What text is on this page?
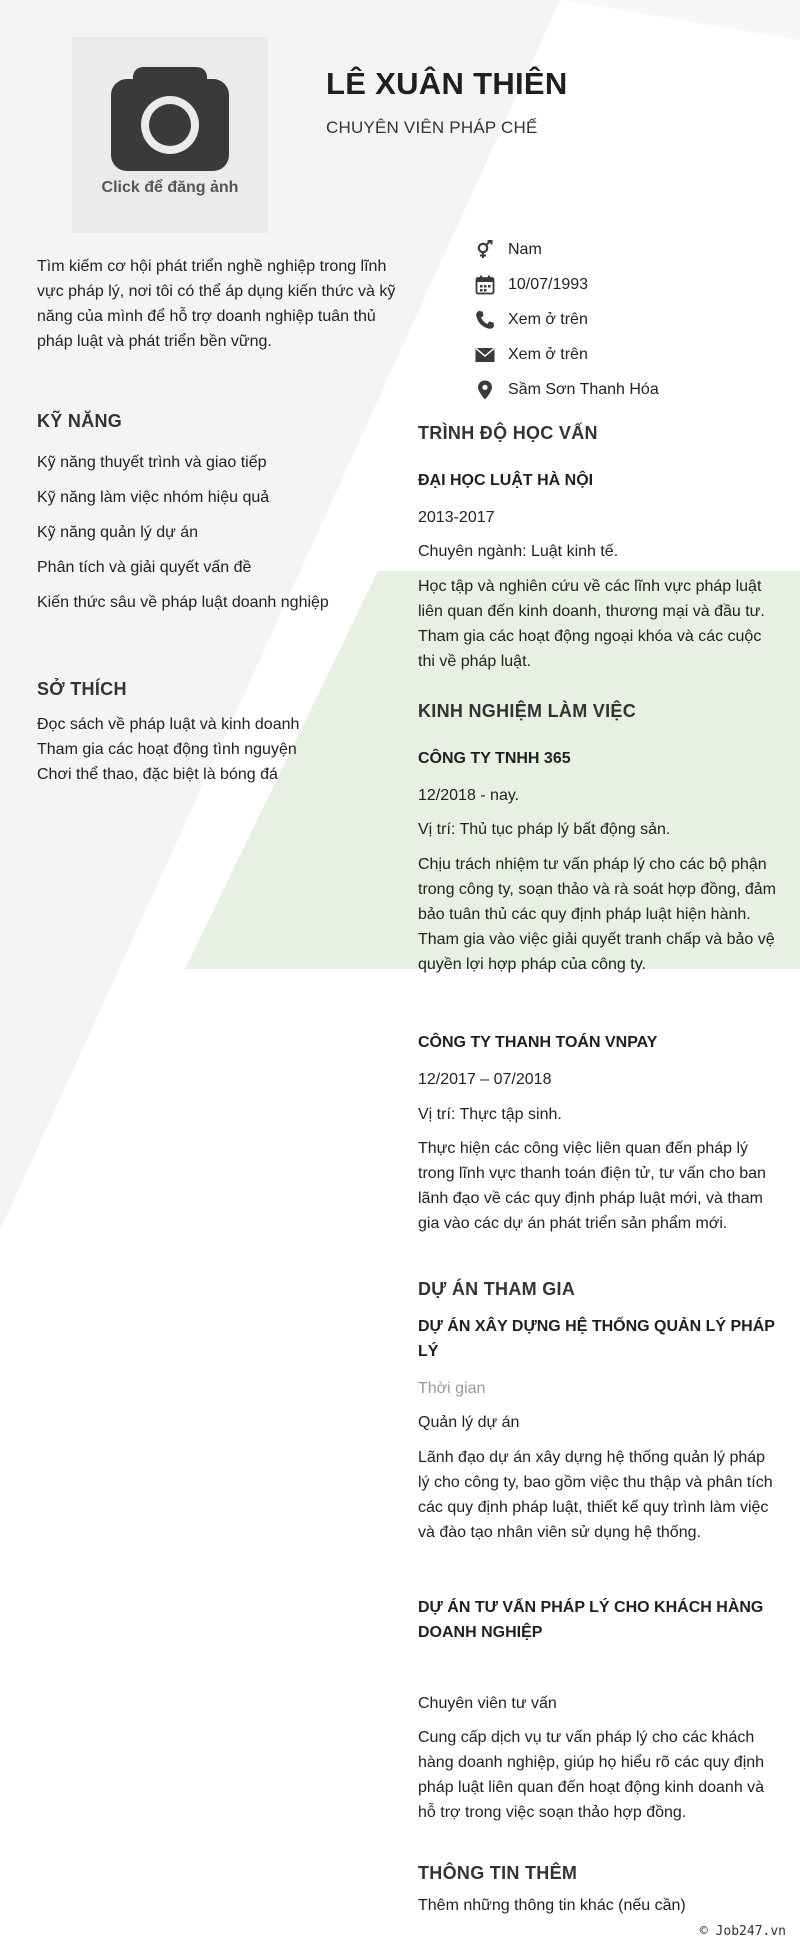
Click để đăng ảnh
LÊ XUÂN THIÊN
CHUYÊN VIÊN PHÁP CHẾ
Nam
10/07/1993
Xem ở trên
Xem ở trên
Sầm Sơn Thanh Hóa
Tìm kiếm cơ hội phát triển nghề nghiệp trong lĩnh vực pháp lý, nơi tôi có thể áp dụng kiến thức và kỹ năng của mình để hỗ trợ doanh nghiệp tuân thủ pháp luật và phát triển bền vững.
KỸ NĂNG
Kỹ năng thuyết trình và giao tiếp
Kỹ năng làm việc nhóm hiệu quả
Kỹ năng quản lý dự án
Phân tích và giải quyết vấn đề
Kiến thức sâu về pháp luật doanh nghiệp
SỞ THÍCH
Đọc sách về pháp luật và kinh doanh
Tham gia các hoạt động tình nguyện
Chơi thể thao, đặc biệt là bóng đá
TRÌNH ĐỘ HỌC VẤN
ĐẠI HỌC LUẬT HÀ NỘI
2013-2017
Chuyên ngành: Luật kinh tế.
Học tập và nghiên cứu về các lĩnh vực pháp luật liên quan đến kinh doanh, thương mại và đầu tư. Tham gia các hoạt động ngoại khóa và các cuộc thi về pháp luật.
KINH NGHIỆM LÀM VIỆC
CÔNG TY TNHH 365
12/2018 - nay.
Vị trí: Thủ tục pháp lý bất động sản.
Chịu trách nhiệm tư vấn pháp lý cho các bộ phận trong công ty, soạn thảo và rà soát hợp đồng, đảm bảo tuân thủ các quy định pháp luật hiện hành. Tham gia vào việc giải quyết tranh chấp và bảo vệ quyền lợi hợp pháp của công ty.
CÔNG TY THANH TOÁN VNPAY
12/2017 – 07/2018
Vị trí: Thực tập sinh.
Thực hiện các công việc liên quan đến pháp lý trong lĩnh vực thanh toán điện tử, tư vấn cho ban lãnh đạo về các quy định pháp luật mới, và tham gia vào các dự án phát triển sản phẩm mới.
DỰ ÁN THAM GIA
DỰ ÁN XÂY DỰNG HỆ THỐNG QUẢN LÝ PHÁP LÝ
Thời gian
Quản lý dự án
Lãnh đạo dự án xây dựng hệ thống quản lý pháp lý cho công ty, bao gồm việc thu thập và phân tích các quy định pháp luật, thiết kế quy trình làm việc và đào tạo nhân viên sử dụng hệ thống.
DỰ ÁN TƯ VẤN PHÁP LÝ CHO KHÁCH HÀNG DOANH NGHIỆP
Chuyên viên tư vấn
Cung cấp dịch vụ tư vấn pháp lý cho các khách hàng doanh nghiệp, giúp họ hiểu rõ các quy định pháp luật liên quan đến hoạt động kinh doanh và hỗ trợ trong việc soạn thảo hợp đồng.
THÔNG TIN THÊM
Thêm những thông tin khác (nếu cần)
© Job247.vn
